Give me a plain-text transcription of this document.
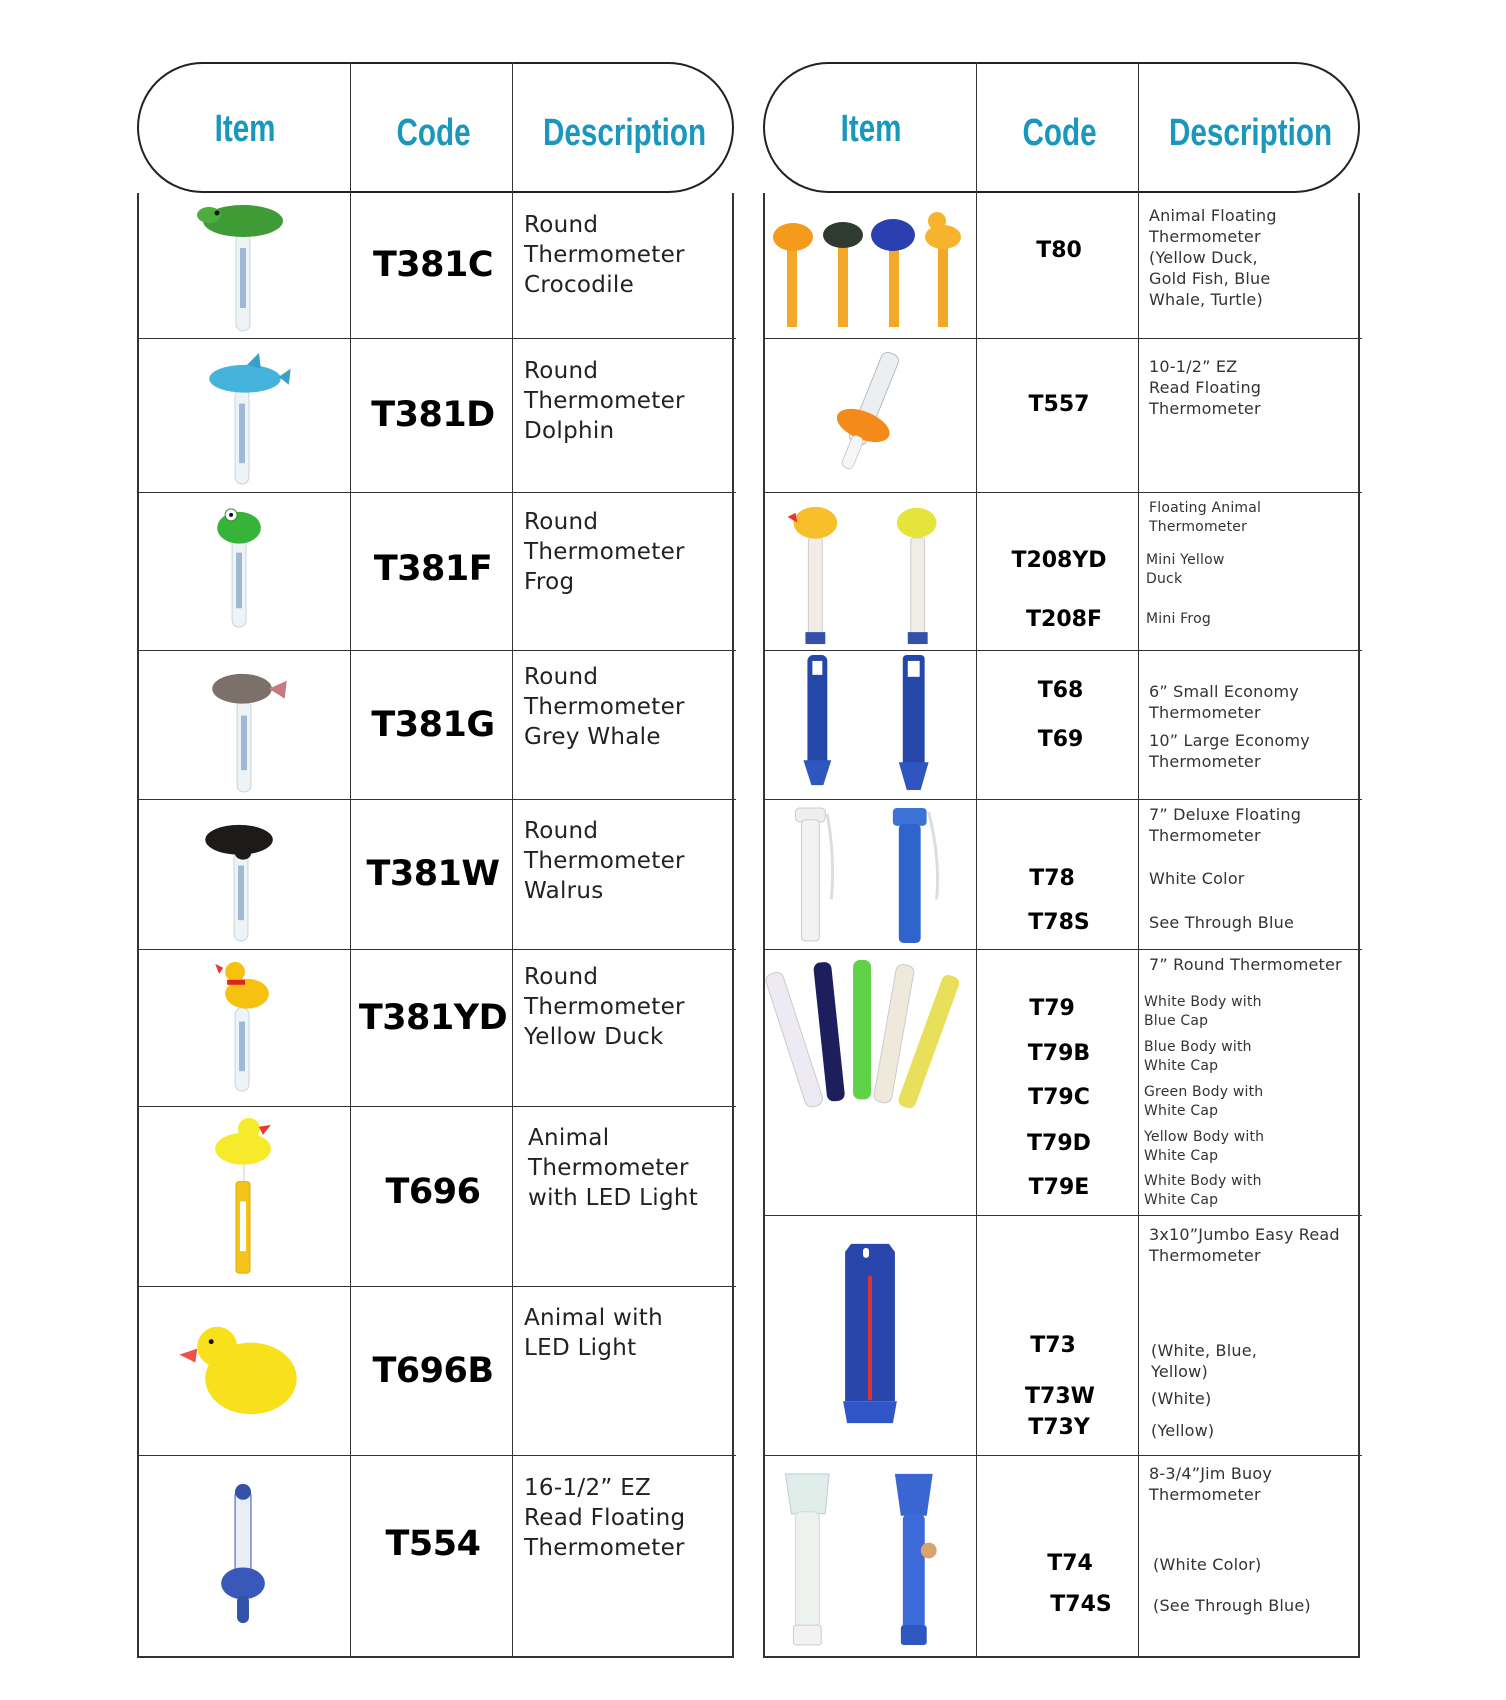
Item	Code Description
T381C
Round
Thermometer
Crocodile
T381D
Round
Thermometer
Dolphin
T381F
Round
Thermometer
Frog
T381G
Round
Thermometer
Grey Whale
T381W
Round
Thermometer
Walrus
T381YD
Round
Thermometer
Yellow Duck
T696
Animal
Thermometer
with LED Light
T696B
Animal with
LED Light
T554
16-1/2” EZ
Read Floating
Thermometer
Item	Code Description
T80
Animal Floating
Thermometer
(Yellow Duck,
Gold Fish, Blue
Whale, Turtle)
T557
10-1/2” EZ
Read Floating
Thermometer
T208YD
T208F
Floating Animal
Thermometer
Mini Yellow
Duck
Mini Frog
T68
T69
6” Small Economy
Thermometer
10” Large Economy
Thermometer
T78
T78S
7” Deluxe Floating
Thermometer
White Color
See Through Blue
T79
T79B
T79C
T79D
T79E
7” Round Thermometer
White Body with
Blue Cap
Blue Body with
White Cap
Green Body with
White Cap
Yellow Body with
White Cap
White Body with
White Cap
T73
T73W
T73Y
3x10”Jumbo Easy Read
Thermometer
(White, Blue,
Yellow)
(White)
(Yellow)
T74
T74S
8-3/4”Jim Buoy
Thermometer
(White Color)
(See Through Blue)
